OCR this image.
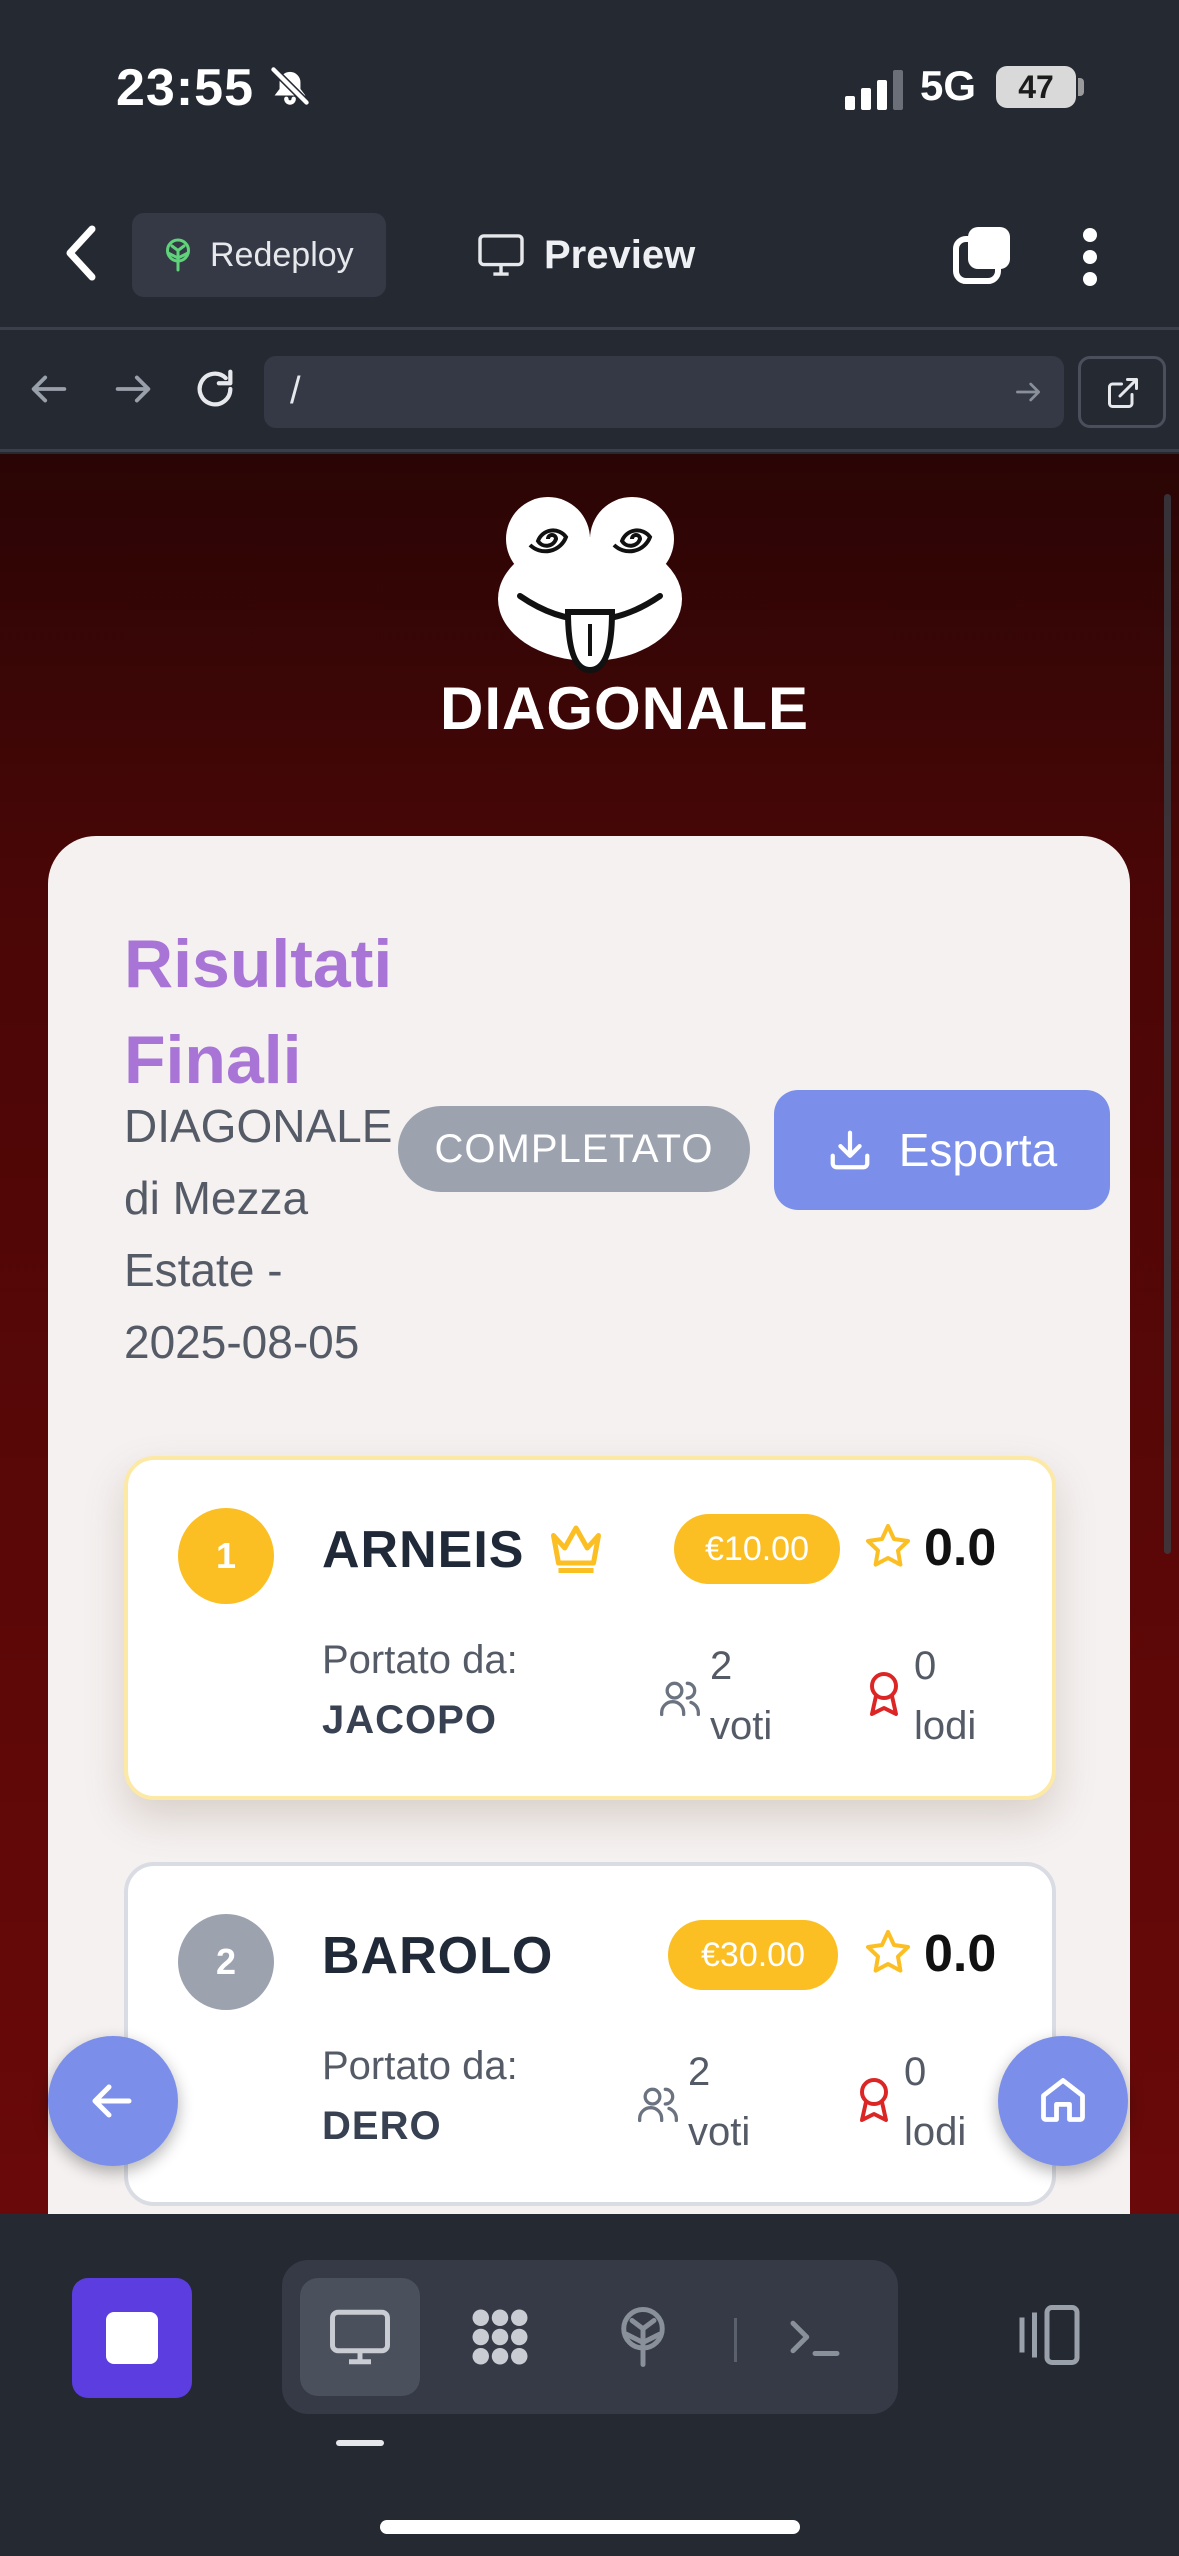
23:55	5G	47
Redeploy	Preview
/
DIAGONALE
Risultati Finali
DIAGONALE di Mezza Estate - 2025-08-05
COMPLETATO	Esporta
1	ARNEIS	€10.00	0.0
Portato da:
JACOPO
2
voti
0
lodi
2	BAROLO	€30.00	0.0
Portato da:
DERO
2
voti
0
lodi
